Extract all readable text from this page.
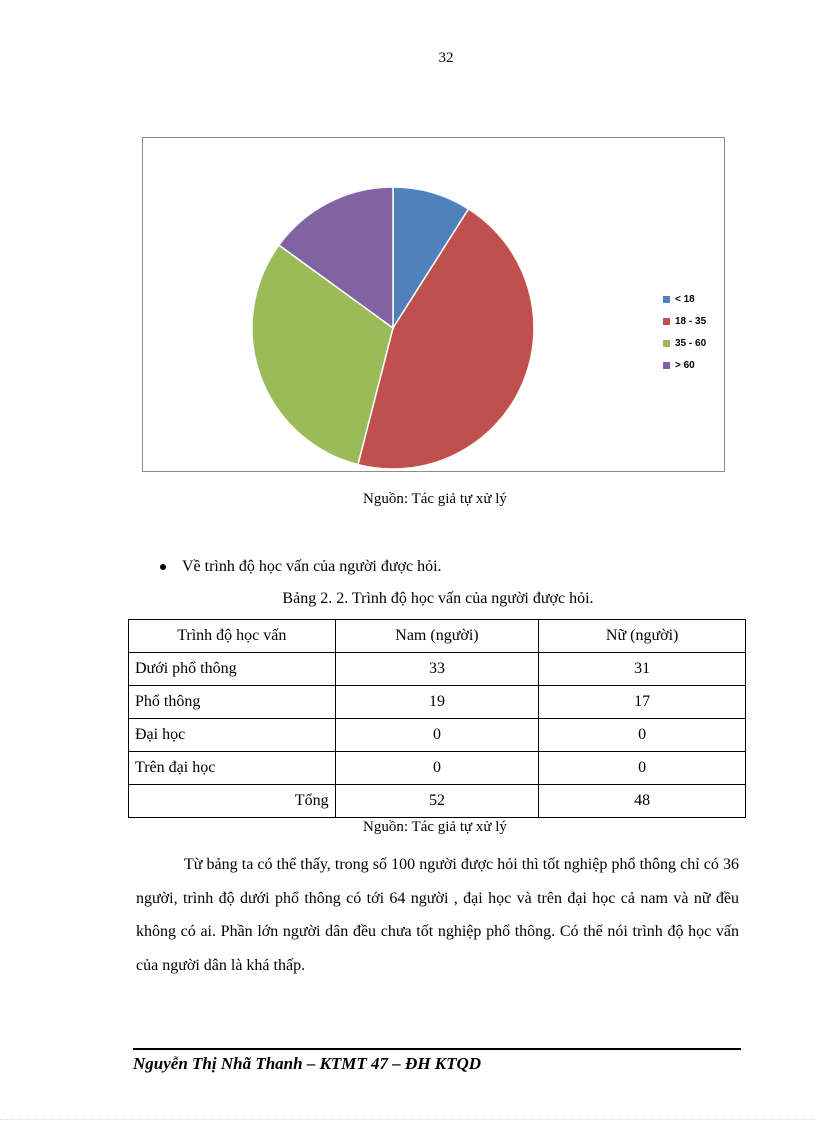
32
< 18
18 - 35
35 - 60
> 60
Nguồn: Tác giả tự xử lý
Về trình độ học vấn của người được hỏi.
Bảng 2. 2. Trình độ học vấn của người được hỏi.
Trình độ học vấn	Nam (người)	Nữ (người)
Dưới phổ thông	33	31
Phổ thông	19	17
Đại học	0	0
Trên đại học	0	0
Tổng	52	48
Nguồn: Tác giả tự xử lý
Từ bảng ta có thể thấy, trong số 100 người được hỏi thì tốt nghiệp phổ thông chỉ có 36 người, trình độ dưới phổ thông có tới 64 người , đại học và trên đại học cả nam và nữ đều không có ai. Phần lớn người dân đều chưa tốt nghiệp phổ thông. Có thể nói trình độ học vấn của người dân là khá thấp.
Nguyễn Thị Nhã Thanh – KTMT 47 – ĐH KTQD
